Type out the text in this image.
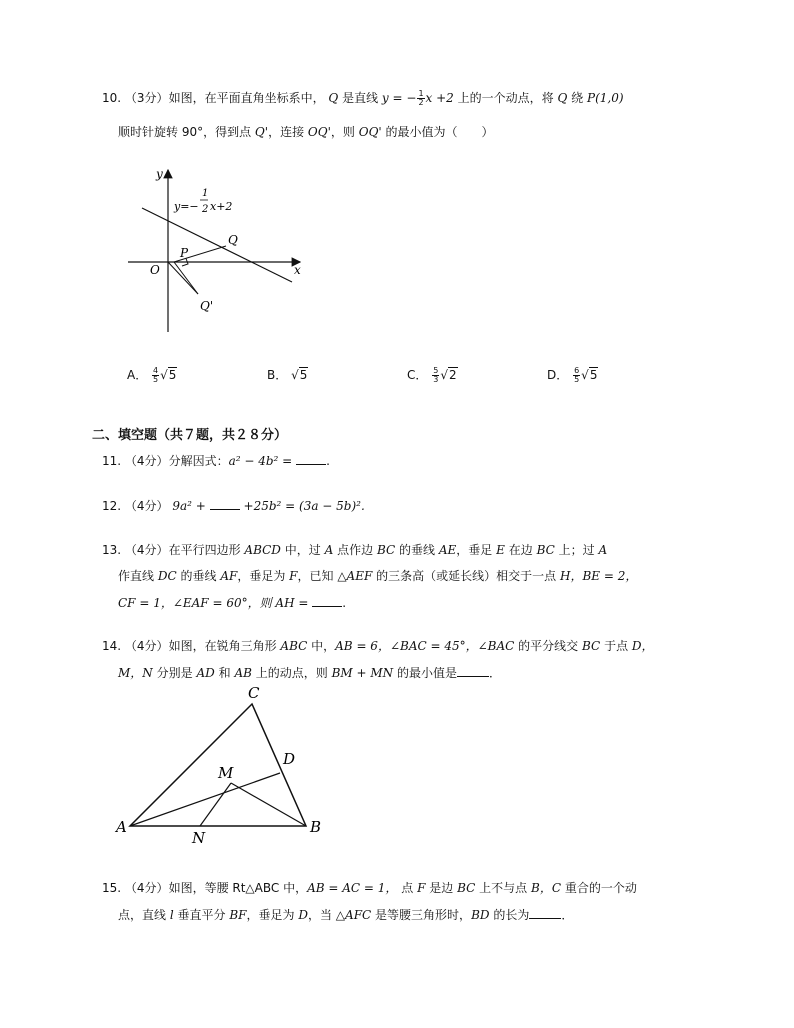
10. （3分）如图，在平面直角坐标系中， Q 是直线 y = − $\frac{1}{2}$ x +2 上的一个动点，将 Q 绕 P(1,0)
顺时针旋转 90°，得到点 Q'，连接 OQ'，则 OQ' 的最小值为（　　）
y
x
O
P
Q
Q'
y=−
1
2 x+2
A． $\frac{4}{5} √5$	B． √5	C． $\frac{5}{3} √2$	D． $\frac{6}{5} √5$
二、填空题（共７题，共２８分）
11. （4分）分解因式：a² − 4b² =	.
12. （4分） 9a² +	+25b² = (3a − 5b)².
13. （4分）在平行四边形 ABCD 中，过 A 点作边 BC 的垂线 AE，垂足 E 在边 BC 上；过 A
作直线 DC 的垂线 AF，垂足为 F，已知 △AEF 的三条高（或延长线）相交于一点 H，BE = 2，
CF = 1，∠EAF = 60°，则 AH =	.
14. （4分）如图，在锐角三角形 ABC 中，AB = 6，∠BAC = 45°，∠BAC 的平分线交 BC 于点 D，
M，N 分别是 AD 和 AB 上的动点，则 BM + MN 的最小值是	．
A	B
C
D
M
N
15. （4分）如图，等腰 Rt△ABC 中，AB = AC = 1， 点 F 是边 BC 上不与点 B，C 重合的一个动
点，直线 l 垂直平分 BF，垂足为 D，当 △AFC 是等腰三角形时，BD 的长为	．
